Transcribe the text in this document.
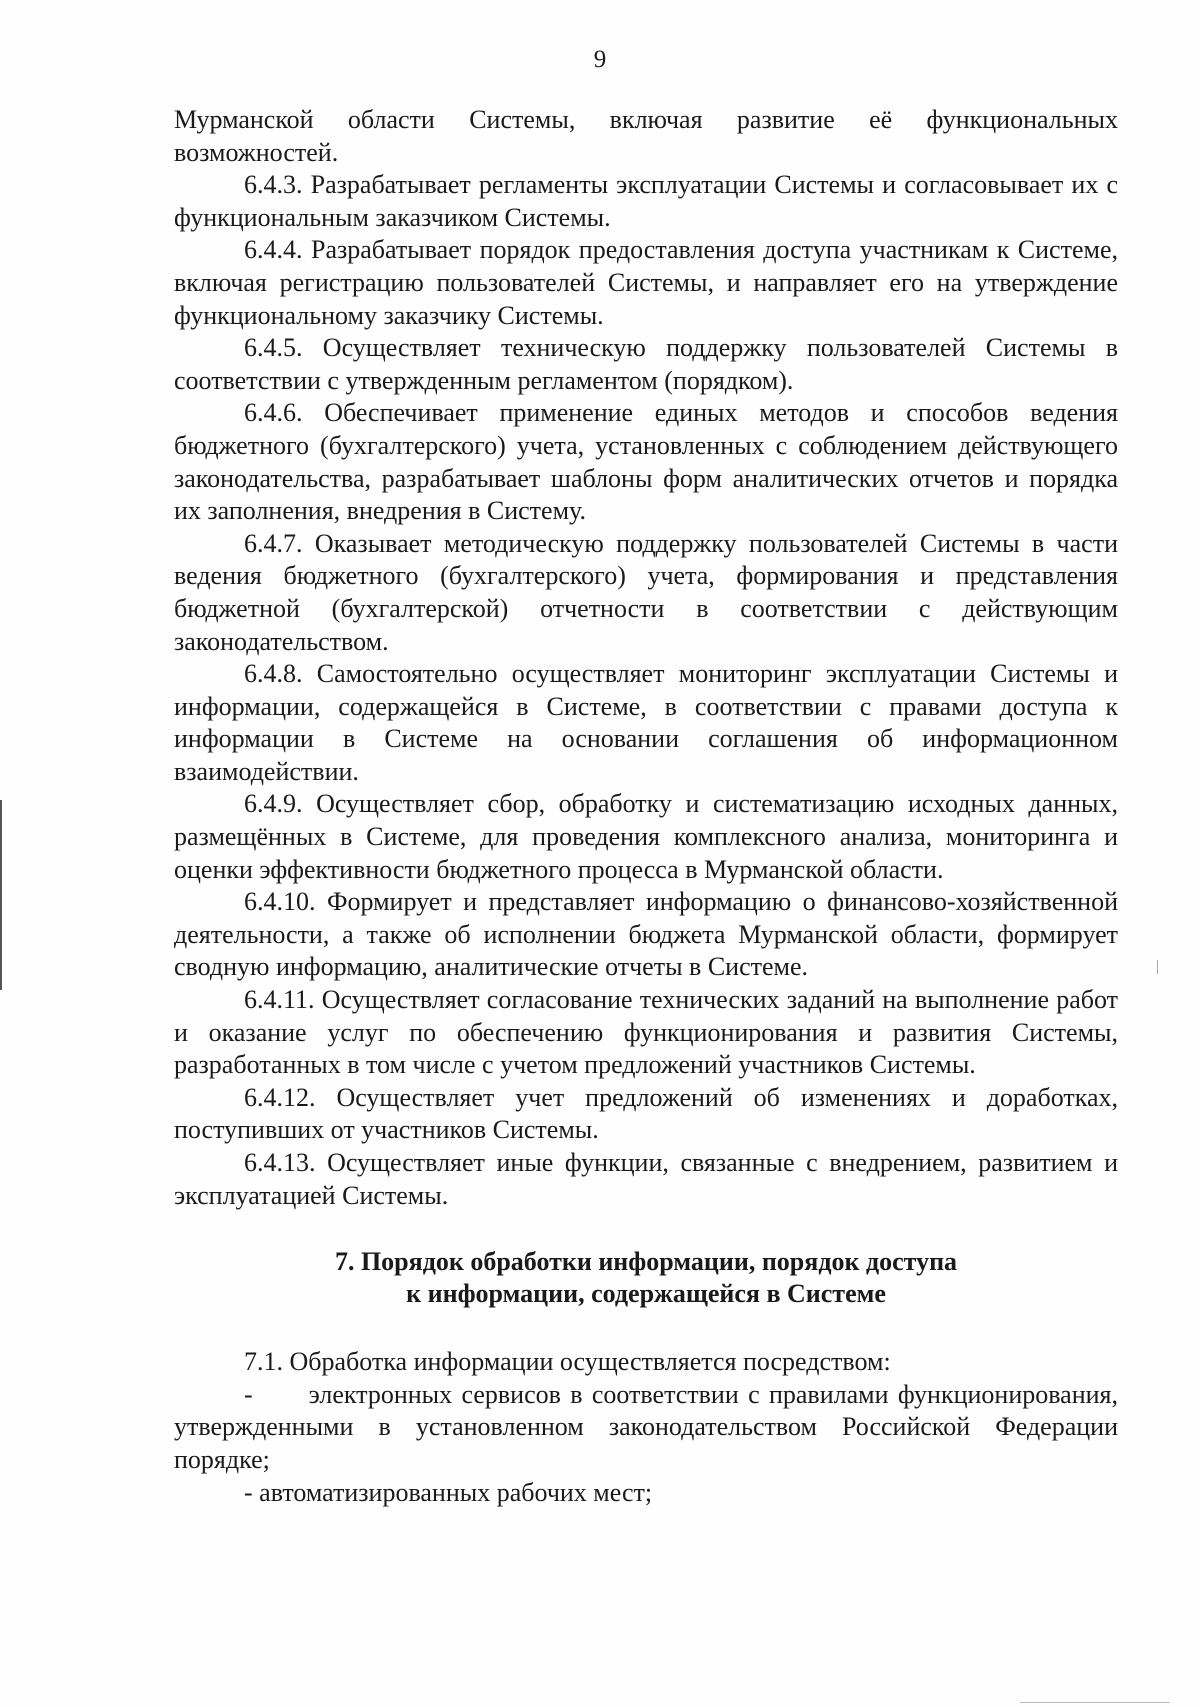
9

Мурманской области Системы, включая развитие её функциональных возможностей.

6.4.3. Разрабатывает регламенты эксплуатации Системы и согласовывает их с функциональным заказчиком Системы.

6.4.4. Разрабатывает порядок предоставления доступа участникам к Системе, включая регистрацию пользователей Системы, и направляет его на утверждение функциональному заказчику Системы.

6.4.5. Осуществляет техническую поддержку пользователей Системы в соответствии с утвержденным регламентом (порядком).

6.4.6. Обеспечивает применение единых методов и способов ведения бюджетного (бухгалтерского) учета, установленных с соблюдением действующего законодательства, разрабатывает шаблоны форм аналитических отчетов и порядка их заполнения, внедрения в Систему.

6.4.7. Оказывает методическую поддержку пользователей Системы в части ведения бюджетного (бухгалтерского) учета, формирования и представления бюджетной (бухгалтерской) отчетности в соответствии с действующим законодательством.

6.4.8. Самостоятельно осуществляет мониторинг эксплуатации Системы и информации, содержащейся в Системе, в соответствии с правами доступа к информации в Системе на основании соглашения об информационном взаимодействии.

6.4.9. Осуществляет сбор, обработку и систематизацию исходных данных, размещённых в Системе, для проведения комплексного анализа, мониторинга и оценки эффективности бюджетного процесса в Мурманской области.

6.4.10. Формирует и представляет информацию о финансово-хозяйственной деятельности, а также об исполнении бюджета Мурманской области, формирует сводную информацию, аналитические отчеты в Системе.

6.4.11. Осуществляет согласование технических заданий на выполнение работ и оказание услуг по обеспечению функционирования и развития Системы, разработанных в том числе с учетом предложений участников Системы.

6.4.12. Осуществляет учет предложений об изменениях и доработках, поступивших от участников Системы.

6.4.13. Осуществляет иные функции, связанные с внедрением, развитием и эксплуатацией Системы.

7. Порядок обработки информации, порядок доступа
к информации, содержащейся в Системе

7.1. Обработка информации осуществляется посредством:

-      электронных сервисов в соответствии с правилами функционирования, утвержденными в установленном законодательством Российской Федерации порядке;

- автоматизированных рабочих мест;
